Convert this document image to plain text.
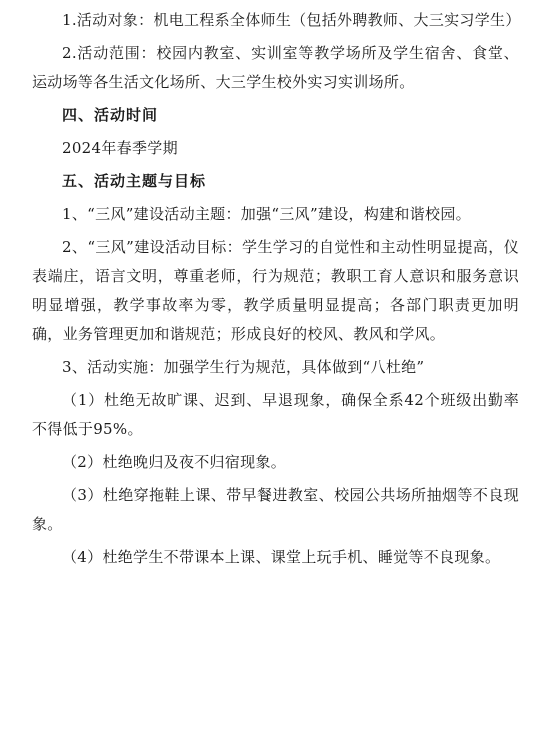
1.活动对象：机电工程系全体师生（包括外聘教师、大三实习学生）

2.活动范围：校园内教室、实训室等教学场所及学生宿舍、食堂、运动场等各生活文化场所、大三学生校外实习实训场所。

四、活动时间

2024年春季学期

五、活动主题与目标

1、“三风”建设活动主题：加强“三风”建设，构建和谐校园。

2、“三风”建设活动目标：学生学习的自觉性和主动性明显提高，仪表端庄，语言文明，尊重老师，行为规范；教职工育人意识和服务意识明显增强，教学事故率为零，教学质量明显提高；各部门职责更加明确，业务管理更加和谐规范；形成良好的校风、教风和学风。

3、活动实施：加强学生行为规范，具体做到“八杜绝”

（1）杜绝无故旷课、迟到、早退现象，确保全系42个班级出勤率不得低于95%。

（2）杜绝晚归及夜不归宿现象。

（3）杜绝穿拖鞋上课、带早餐进教室、校园公共场所抽烟等不良现象。

（4）杜绝学生不带课本上课、课堂上玩手机、睡觉等不良现象。
